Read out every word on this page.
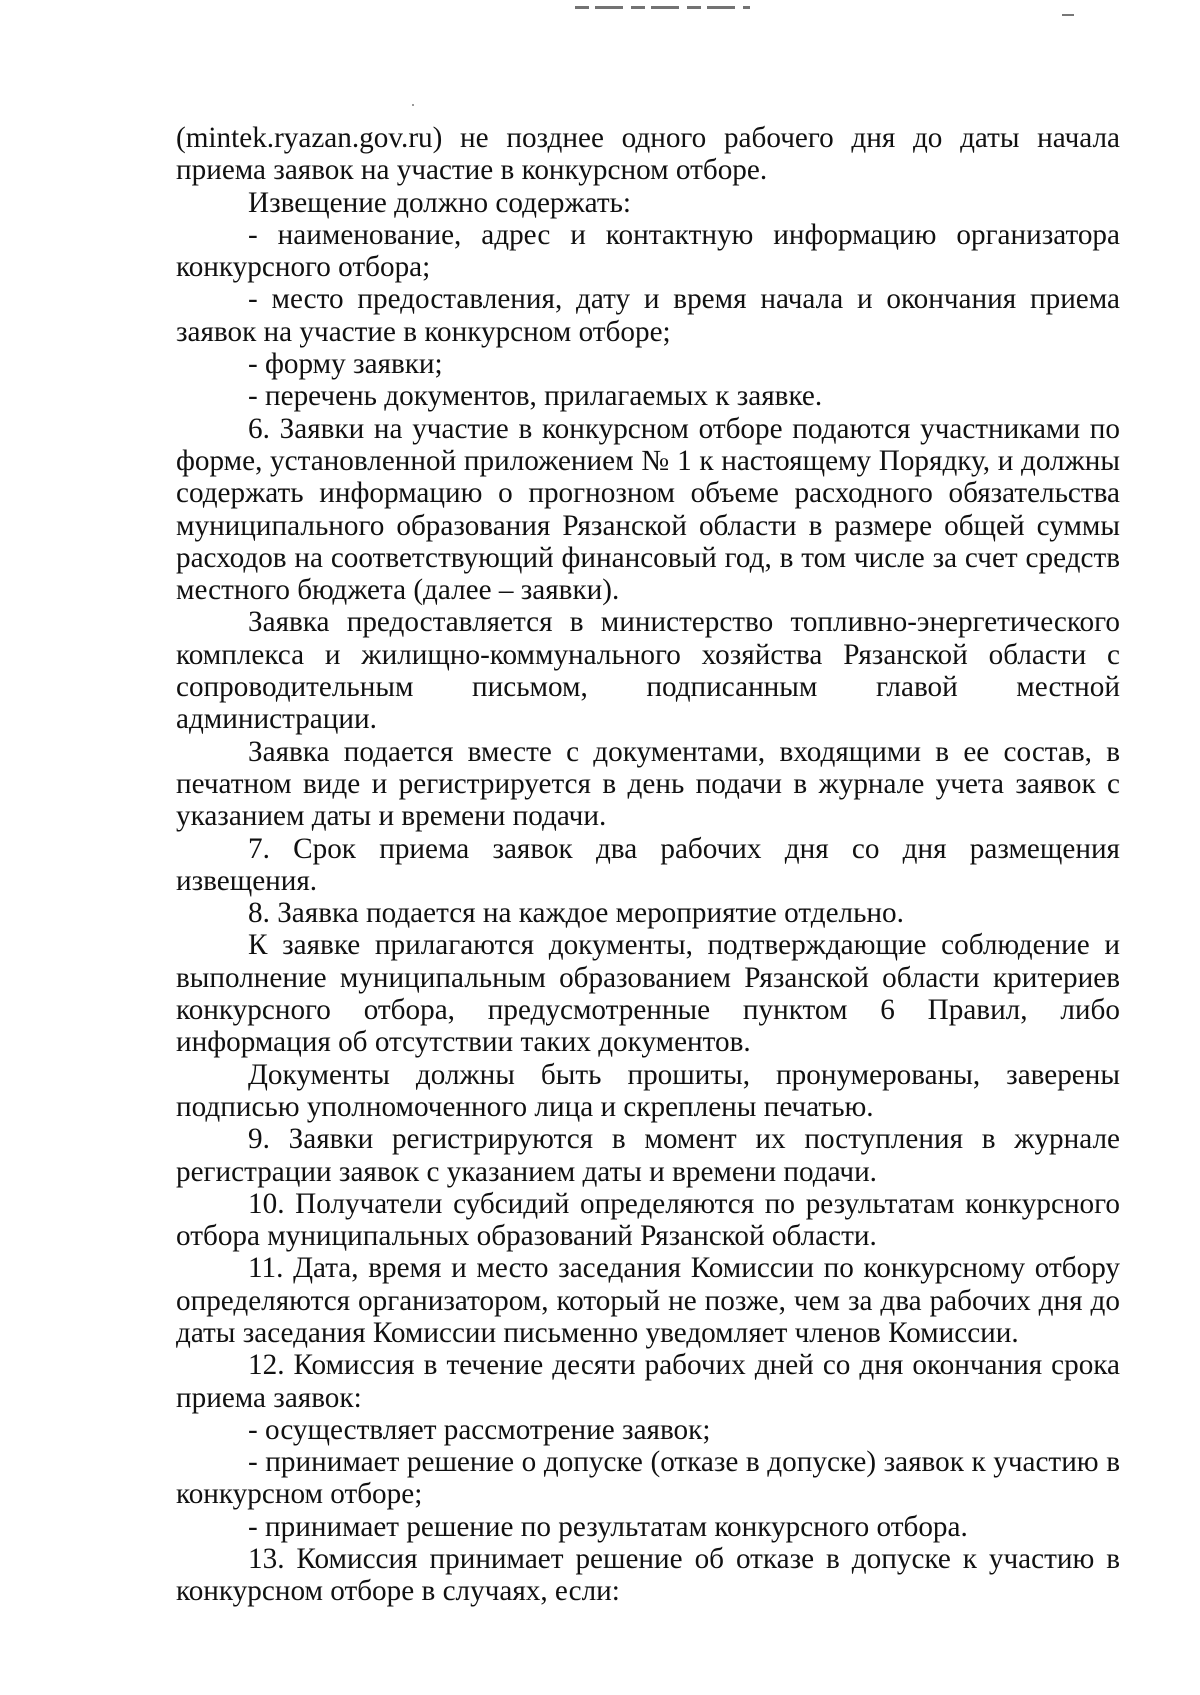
(mintek.ryazan.gov.ru) не позднее одного рабочего дня до даты начала приема заявок на участие в конкурсном отборе.

Извещение должно содержать:

- наименование, адрес и контактную информацию организатора конкурсного отбора;

- место предоставления, дату и время начала и окончания приема заявок на участие в конкурсном отборе;

- форму заявки;

- перечень документов, прилагаемых к заявке.

6. Заявки на участие в конкурсном отборе подаются участниками по форме, установленной приложением № 1 к настоящему Порядку, и должны содержать информацию о прогнозном объеме расходного обязательства муниципального образования Рязанской области в размере общей суммы расходов на соответствующий финансовый год, в том числе за счет средств местного бюджета (далее – заявки).

Заявка предоставляется в министерство топливно-энергетического комплекса и жилищно-коммунального хозяйства Рязанской области с сопроводительным письмом, подписанным главой местной администрации.

Заявка подается вместе с документами, входящими в ее состав, в печатном виде и регистрируется в день подачи в журнале учета заявок с указанием даты и времени подачи.

7. Срок приема заявок два рабочих дня со дня размещения извещения.

8. Заявка подается на каждое мероприятие отдельно.

К заявке прилагаются документы, подтверждающие соблюдение и выполнение муниципальным образованием Рязанской области критериев конкурсного отбора, предусмотренные пунктом 6 Правил, либо информация об отсутствии таких документов.

Документы должны быть прошиты, пронумерованы, заверены подписью уполномоченного лица и скреплены печатью.

9. Заявки регистрируются в момент их поступления в журнале регистрации заявок с указанием даты и времени подачи.

10. Получатели субсидий определяются по результатам конкурсного отбора муниципальных образований Рязанской области.

11. Дата, время и место заседания Комиссии по конкурсному отбору определяются организатором, который не позже, чем за два рабочих дня до даты заседания Комиссии письменно уведомляет членов Комиссии.

12. Комиссия в течение десяти рабочих дней со дня окончания срока приема заявок:

- осуществляет рассмотрение заявок;

- принимает решение о допуске (отказе в допуске) заявок к участию в конкурсном отборе;

- принимает решение по результатам конкурсного отбора.

13. Комиссия принимает решение об отказе в допуске к участию в конкурсном отборе в случаях, если:
